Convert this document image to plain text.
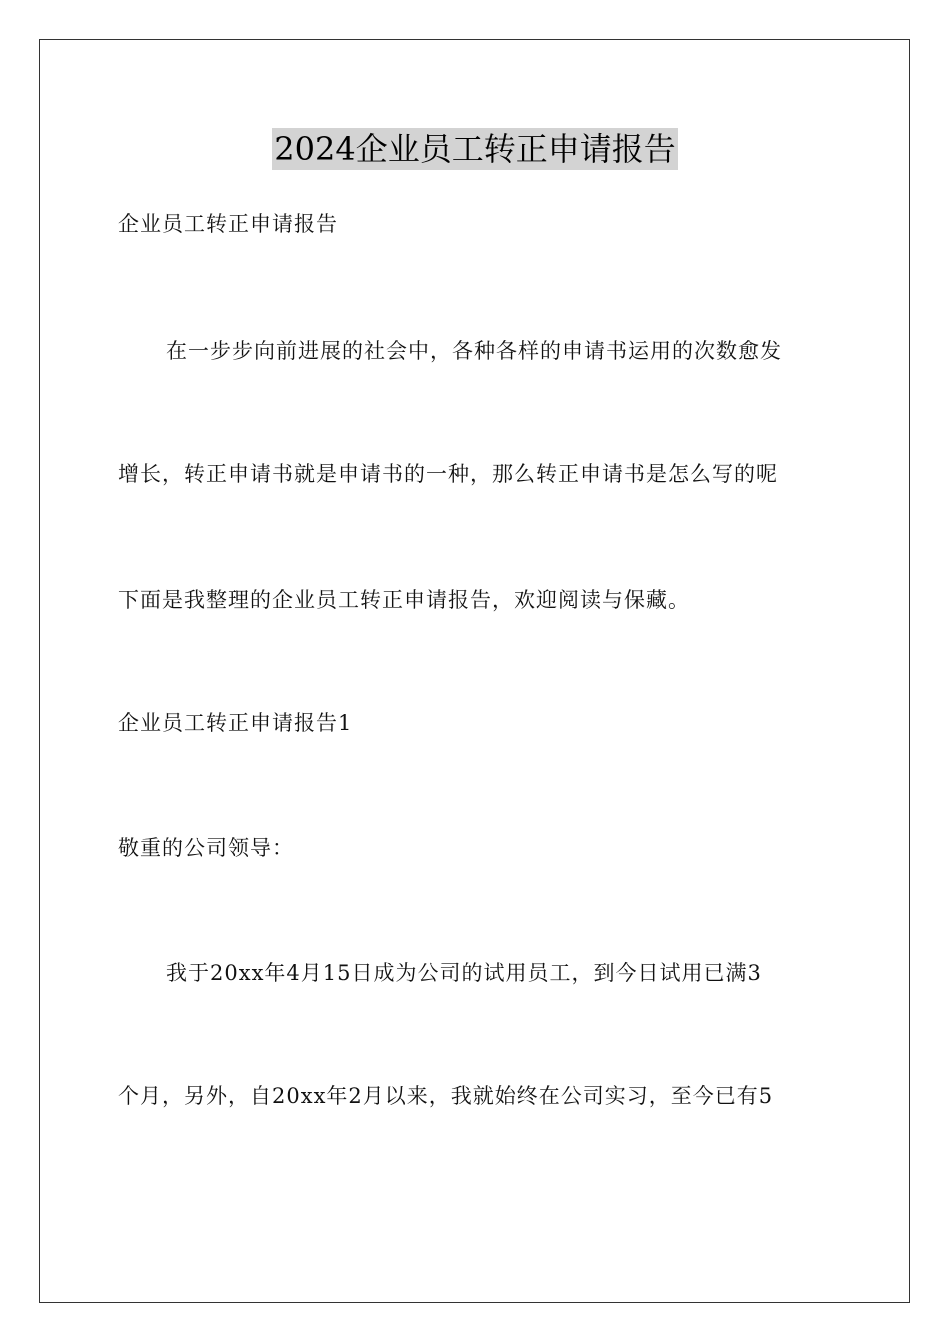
2024企业员工转正申请报告
企业员工转正申请报告
在一步步向前进展的社会中，各种各样的申请书运用的次数愈发
增长，转正申请书就是申请书的一种，那么转正申请书是怎么写的呢
下面是我整理的企业员工转正申请报告，欢迎阅读与保藏。
企业员工转正申请报告1
敬重的公司领导：
我于20xx年4月15日成为公司的试用员工，到今日试用已满3
个月，另外，自20xx年2月以来，我就始终在公司实习，至今已有5
